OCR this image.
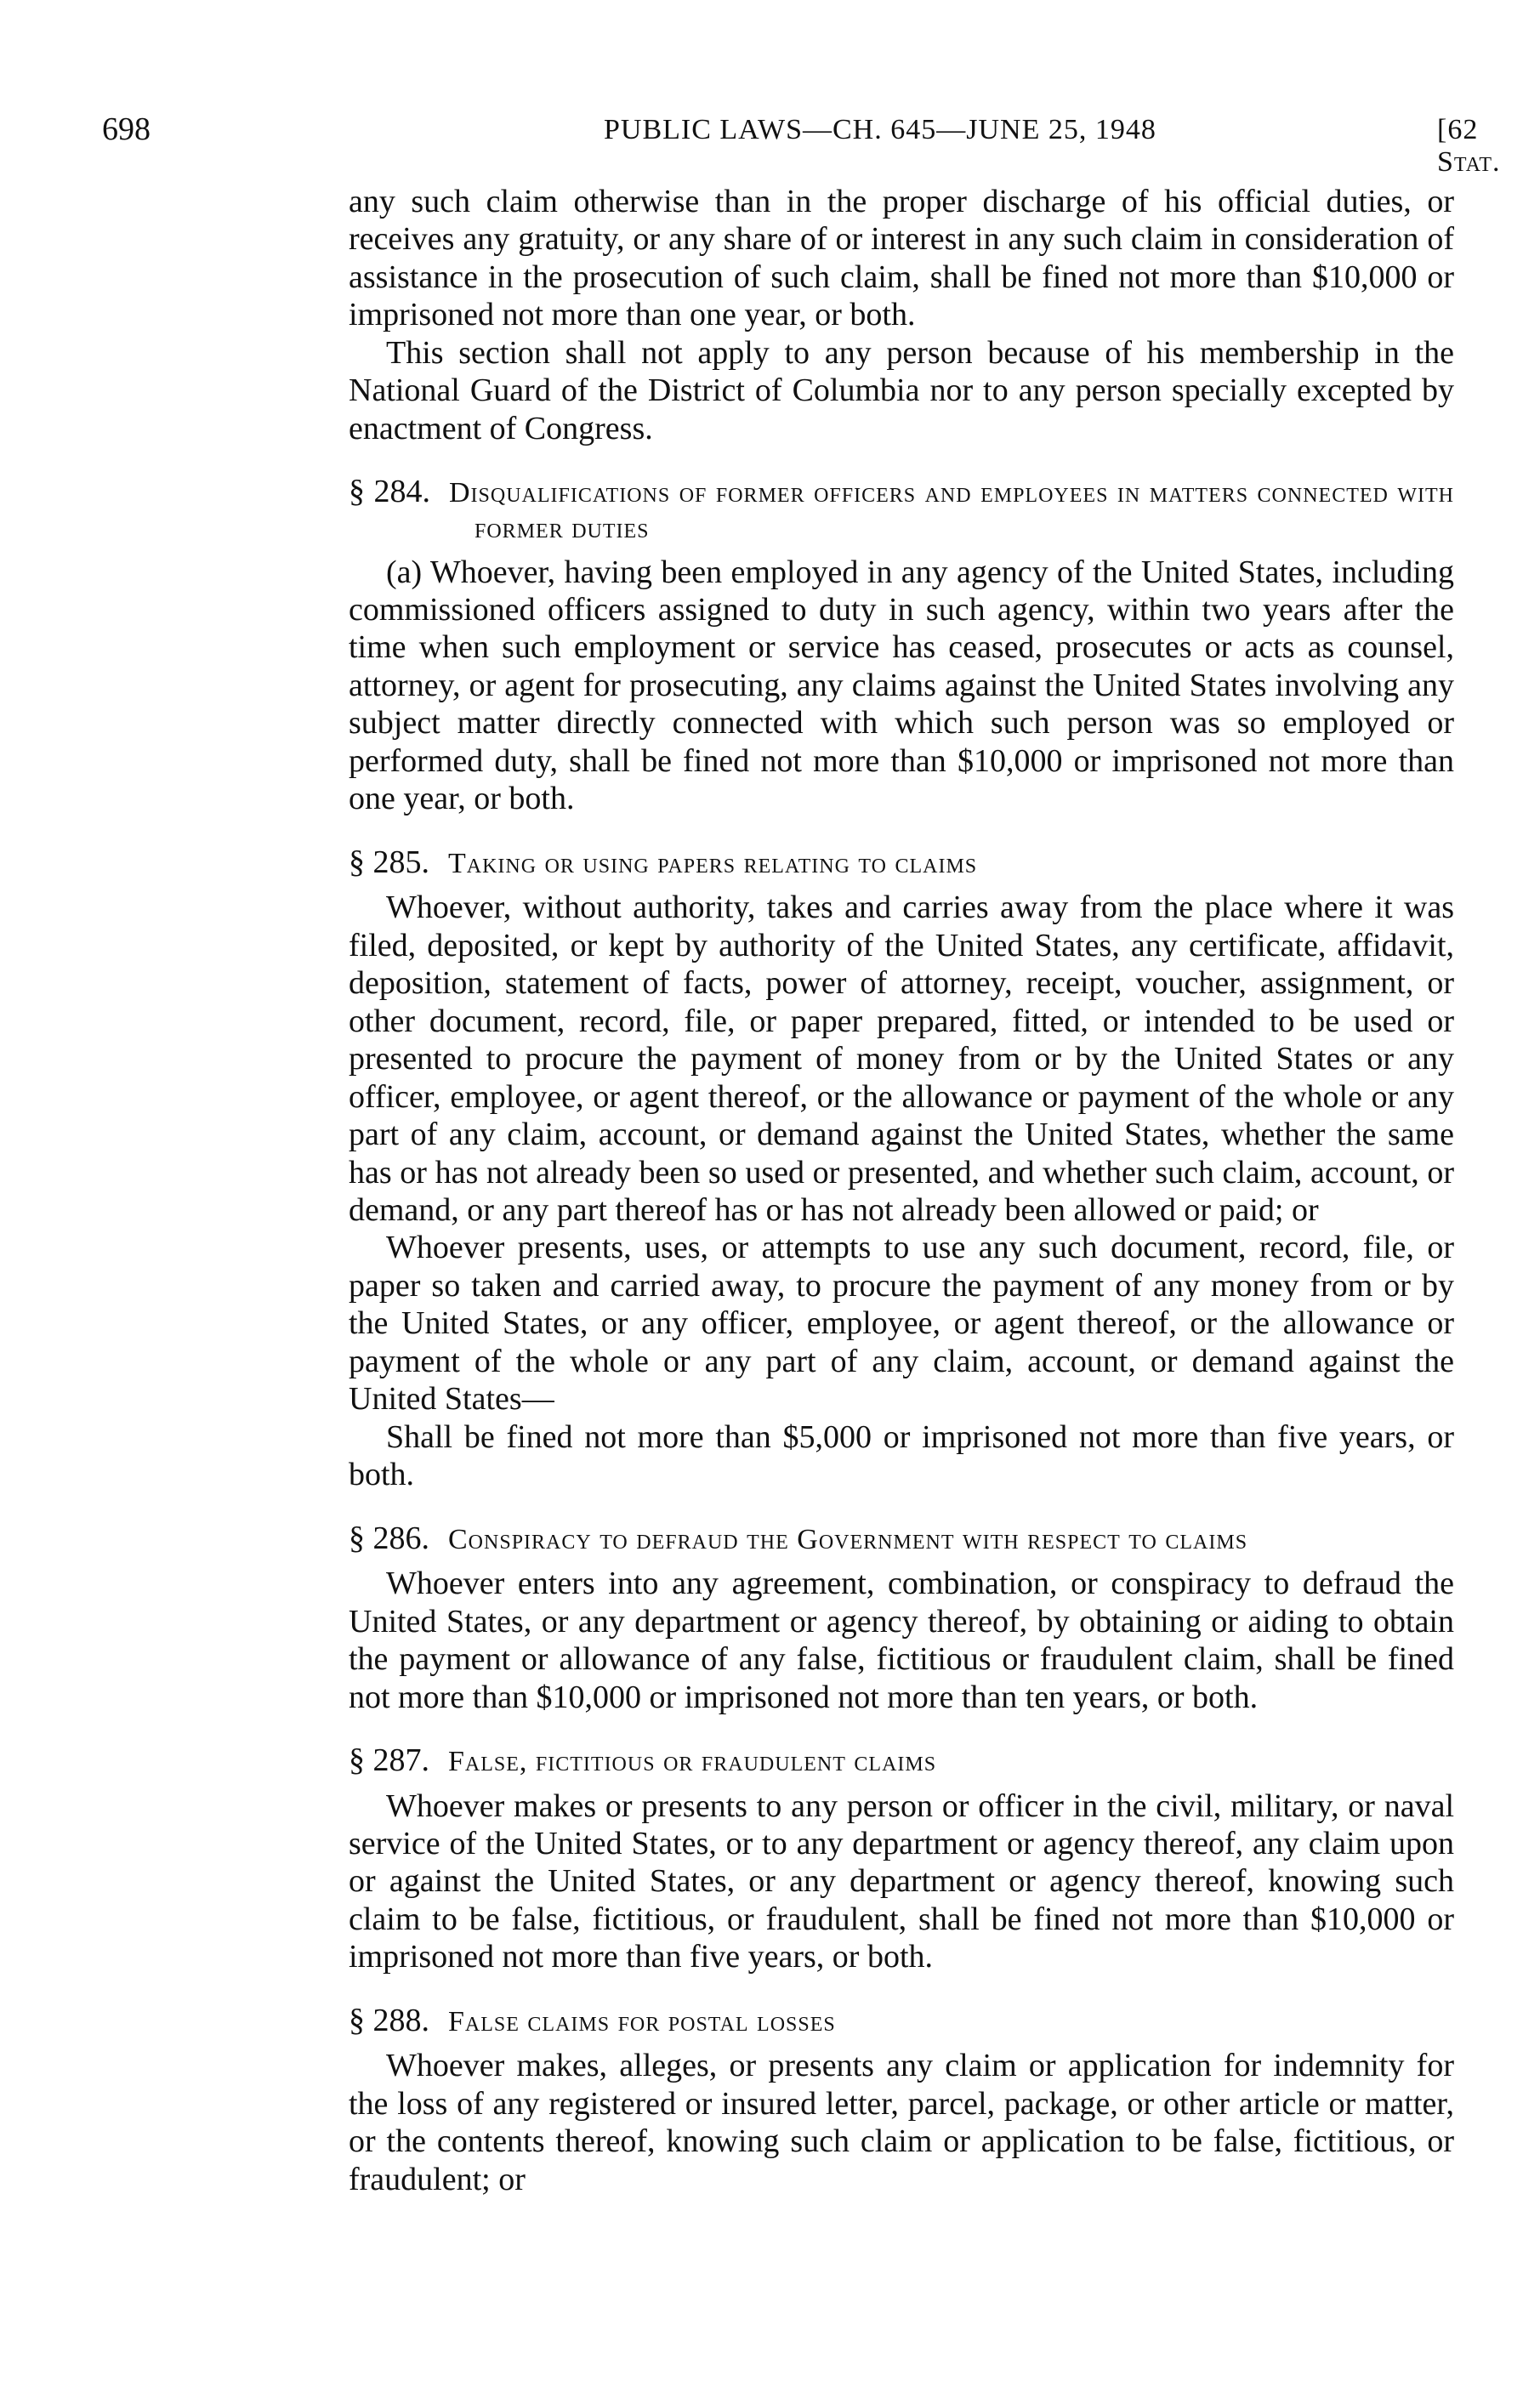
698	PUBLIC LAWS—CH. 645—JUNE 25, 1948	[62 Stat.

any such claim otherwise than in the proper discharge of his official duties, or receives any gratuity, or any share of or interest in any such claim in consideration of assistance in the prosecution of such claim, shall be fined not more than $10,000 or imprisoned not more than one year, or both.

This section shall not apply to any person because of his membership in the National Guard of the District of Columbia nor to any person specially excepted by enactment of Congress.

§ 284. Disqualifications of former officers and employees in matters connected with former duties

(a) Whoever, having been employed in any agency of the United States, including commissioned officers assigned to duty in such agency, within two years after the time when such employment or service has ceased, prosecutes or acts as counsel, attorney, or agent for prosecuting, any claims against the United States involving any subject matter directly connected with which such person was so employed or performed duty, shall be fined not more than $10,000 or imprisoned not more than one year, or both.

§ 285. Taking or using papers relating to claims

Whoever, without authority, takes and carries away from the place where it was filed, deposited, or kept by authority of the United States, any certificate, affidavit, deposition, statement of facts, power of attorney, receipt, voucher, assignment, or other document, record, file, or paper prepared, fitted, or intended to be used or presented to procure the payment of money from or by the United States or any officer, employee, or agent thereof, or the allowance or payment of the whole or any part of any claim, account, or demand against the United States, whether the same has or has not already been so used or presented, and whether such claim, account, or demand, or any part thereof has or has not already been allowed or paid; or

Whoever presents, uses, or attempts to use any such document, record, file, or paper so taken and carried away, to procure the payment of any money from or by the United States, or any officer, employee, or agent thereof, or the allowance or payment of the whole or any part of any claim, account, or demand against the United States—

Shall be fined not more than $5,000 or imprisoned not more than five years, or both.

§ 286. Conspiracy to defraud the Government with respect to claims

Whoever enters into any agreement, combination, or conspiracy to defraud the United States, or any department or agency thereof, by obtaining or aiding to obtain the payment or allowance of any false, fictitious or fraudulent claim, shall be fined not more than $10,000 or imprisoned not more than ten years, or both.

§ 287. False, fictitious or fraudulent claims

Whoever makes or presents to any person or officer in the civil, military, or naval service of the United States, or to any department or agency thereof, any claim upon or against the United States, or any department or agency thereof, knowing such claim to be false, fictitious, or fraudulent, shall be fined not more than $10,000 or imprisoned not more than five years, or both.

§ 288. False claims for postal losses

Whoever makes, alleges, or presents any claim or application for indemnity for the loss of any registered or insured letter, parcel, package, or other article or matter, or the contents thereof, knowing such claim or application to be false, fictitious, or fraudulent; or
